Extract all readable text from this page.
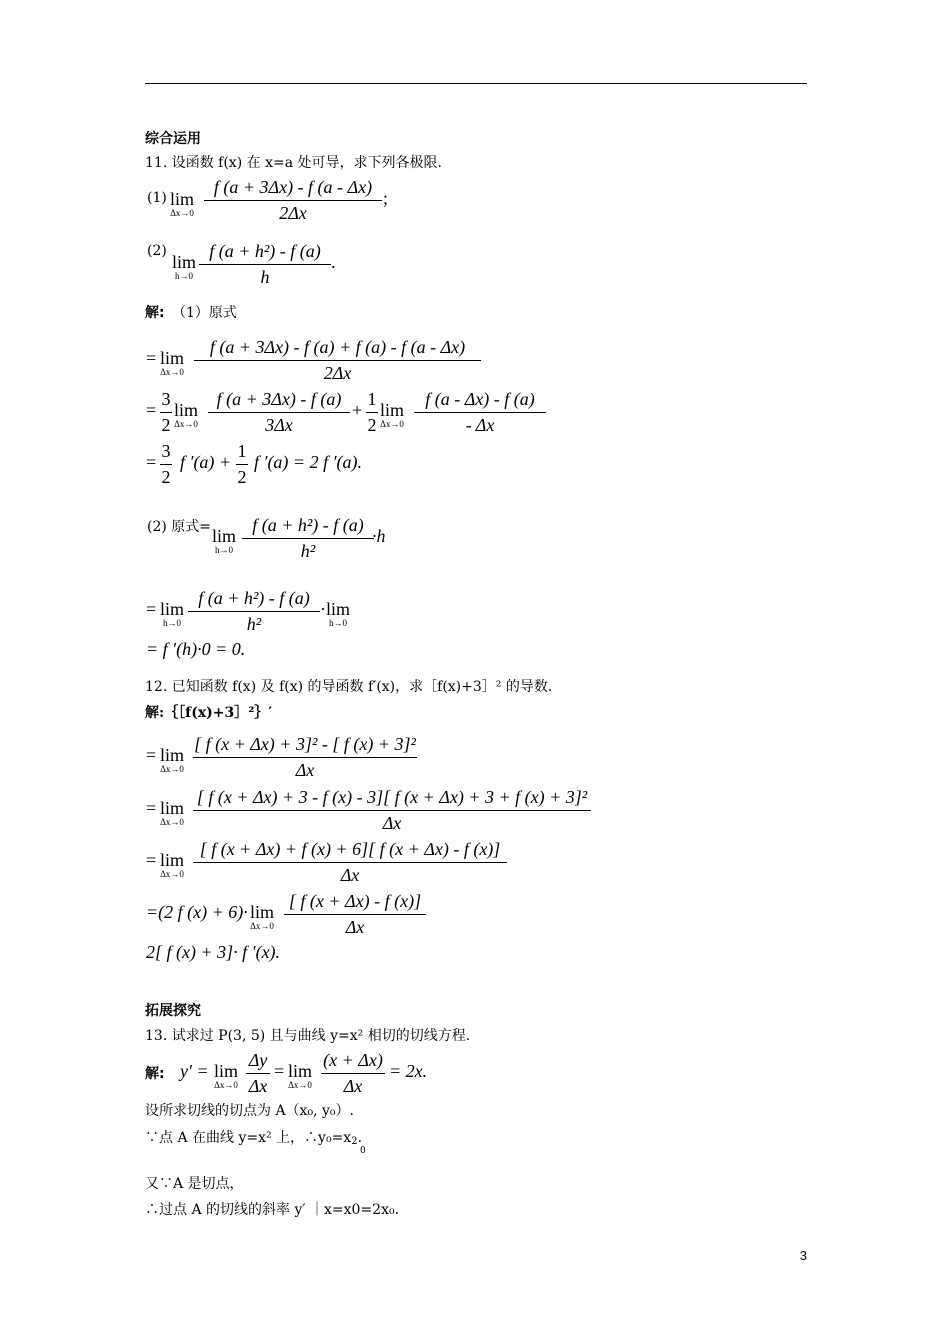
综合运用
11. 设函数 f(x) 在 x=a 处可导，求下列各极限.
(1) lim
Δx→0
f (a + 3Δx) - f (a - Δx)
2Δx
;
(2)
lim
h→0
f (a + h²) - f (a)
h
.
解: （1）原式
= lim
Δx→0
f (a + 3Δx) - f (a) + f (a) - f (a - Δx)
2Δx
=
3
2
lim
Δx→0
f (a + 3Δx) - f (a)
3Δx
+
1
2
lim
Δx→0
f (a - Δx) - f (a)
- Δx
=
3
2
f ′(a) +
1
2
f ′(a) = 2 f ′(a).
(2) 原式= lim
h→0
f (a + h²) - f (a)
h²
·h
= lim
h→0
f (a + h²) - f (a)
h²
· lim
h→0
= f ′(h)·0 = 0.
12. 已知函数 f(x) 及 f(x) 的导函数 f′(x)，求［f(x)+3］² 的导数.
解:｛［f(x)+3］²｝′
= lim
Δx→0
[ f (x + Δx) + 3]² - [ f (x) + 3]²
Δx
= lim
Δx→0
[ f (x + Δx) + 3 - f (x) - 3][ f (x + Δx) + 3 + f (x) + 3]²
Δx
= lim
Δx→0
[ f (x + Δx) + f (x) + 6][ f (x + Δx) - f (x)]
Δx
=(2 f (x) + 6)· lim
Δx→0
[ f (x + Δx) - f (x)]
Δx
2[ f (x) + 3]· f ′(x).
拓展探究
13. 试求过 P(3, 5) 且与曲线 y=x² 相切的切线方程.
解: y′ = lim
Δx→0
Δy
Δx
= lim
Δx→0
(x + Δx)
Δx
= 2x.
设所求切线的切点为 A（x₀, y₀）.
∵点 A 在曲线 y=x² 上，∴y₀=x2.
0
又∵A 是切点，
∴过点 A 的切线的斜率 y′ ｜x=x0=2x₀.
3
